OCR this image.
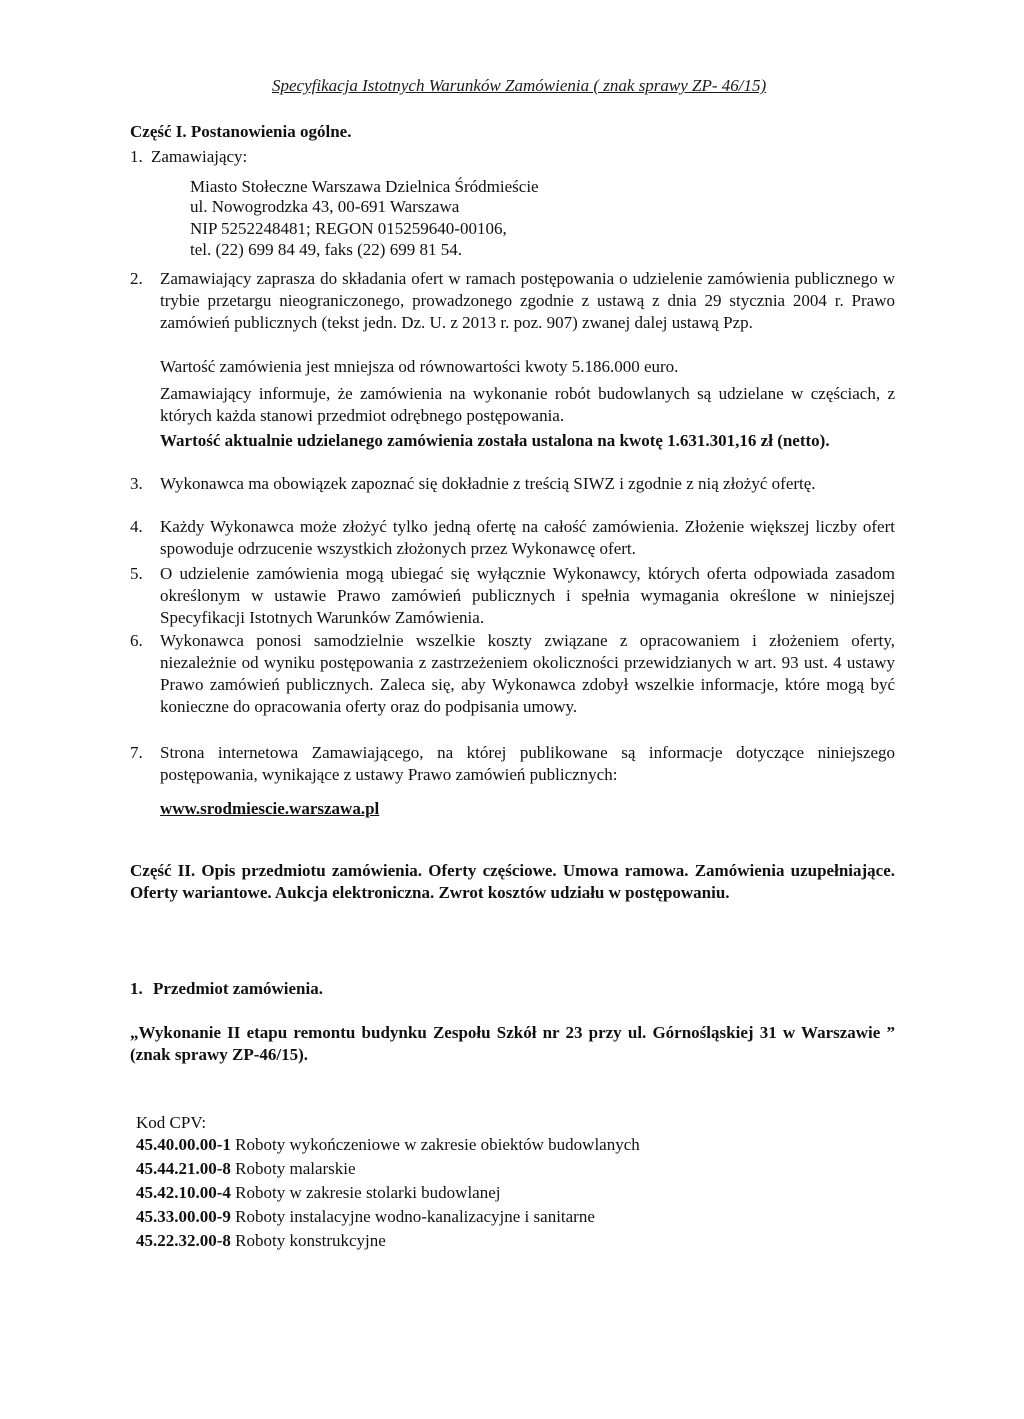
Specyfikacja Istotnych Warunków Zamówienia ( znak sprawy ZP- 46/15)
Część I. Postanowienia ogólne.
1. Zamawiający:
Miasto Stołeczne Warszawa Dzielnica Śródmieście
ul. Nowogrodzka 43, 00-691 Warszawa
NIP 5252248481; REGON 015259640-00106,
tel. (22) 699 84 49, faks (22) 699 81 54.
2. Zamawiający zaprasza do składania ofert w ramach postępowania o udzielenie zamówienia publicznego w trybie przetargu nieograniczonego, prowadzonego zgodnie z ustawą z dnia 29 stycznia 2004 r. Prawo zamówień publicznych (tekst jedn. Dz. U. z 2013 r. poz. 907) zwanej dalej ustawą Pzp.
Wartość zamówienia jest mniejsza od równowartości kwoty 5.186.000 euro.
Zamawiający informuje, że zamówienia na wykonanie robót budowlanych są udzielane w częściach, z których każda stanowi przedmiot odrębnego postępowania.
Wartość aktualnie udzielanego zamówienia została ustalona na kwotę 1.631.301,16 zł (netto).
3. Wykonawca ma obowiązek zapoznać się dokładnie z treścią SIWZ i zgodnie z nią złożyć ofertę.
4. Każdy Wykonawca może złożyć tylko jedną ofertę na całość zamówienia. Złożenie większej liczby ofert spowoduje odrzucenie wszystkich złożonych przez Wykonawcę ofert.
5. O udzielenie zamówienia mogą ubiegać się wyłącznie Wykonawcy, których oferta odpowiada zasadom określonym w ustawie Prawo zamówień publicznych i spełnia wymagania określone w niniejszej Specyfikacji Istotnych Warunków Zamówienia.
6. Wykonawca ponosi samodzielnie wszelkie koszty związane z opracowaniem i złożeniem oferty, niezależnie od wyniku postępowania z zastrzeżeniem okoliczności przewidzianych w art. 93 ust. 4 ustawy Prawo zamówień publicznych. Zaleca się, aby Wykonawca zdobył wszelkie informacje, które mogą być konieczne do opracowania oferty oraz do podpisania umowy.
7. Strona internetowa Zamawiającego, na której publikowane są informacje dotyczące niniejszego postępowania, wynikające z ustawy Prawo zamówień publicznych:
www.srodmiescie.warszawa.pl
Część II. Opis przedmiotu zamówienia. Oferty częściowe. Umowa ramowa. Zamówienia uzupełniające. Oferty wariantowe. Aukcja elektroniczna. Zwrot kosztów udziału w postępowaniu.
1. Przedmiot zamówienia.
„Wykonanie II etapu remontu budynku Zespołu Szkół nr 23 przy ul. Górnośląskiej 31 w Warszawie ” (znak sprawy ZP-46/15).
Kod CPV:
45.40.00.00-1 Roboty wykończeniowe w zakresie obiektów budowlanych
45.44.21.00-8 Roboty malarskie
45.42.10.00-4 Roboty w zakresie stolarki budowlanej
45.33.00.00-9 Roboty instalacyjne wodno-kanalizacyjne i sanitarne
45.22.32.00-8 Roboty konstrukcyjne
